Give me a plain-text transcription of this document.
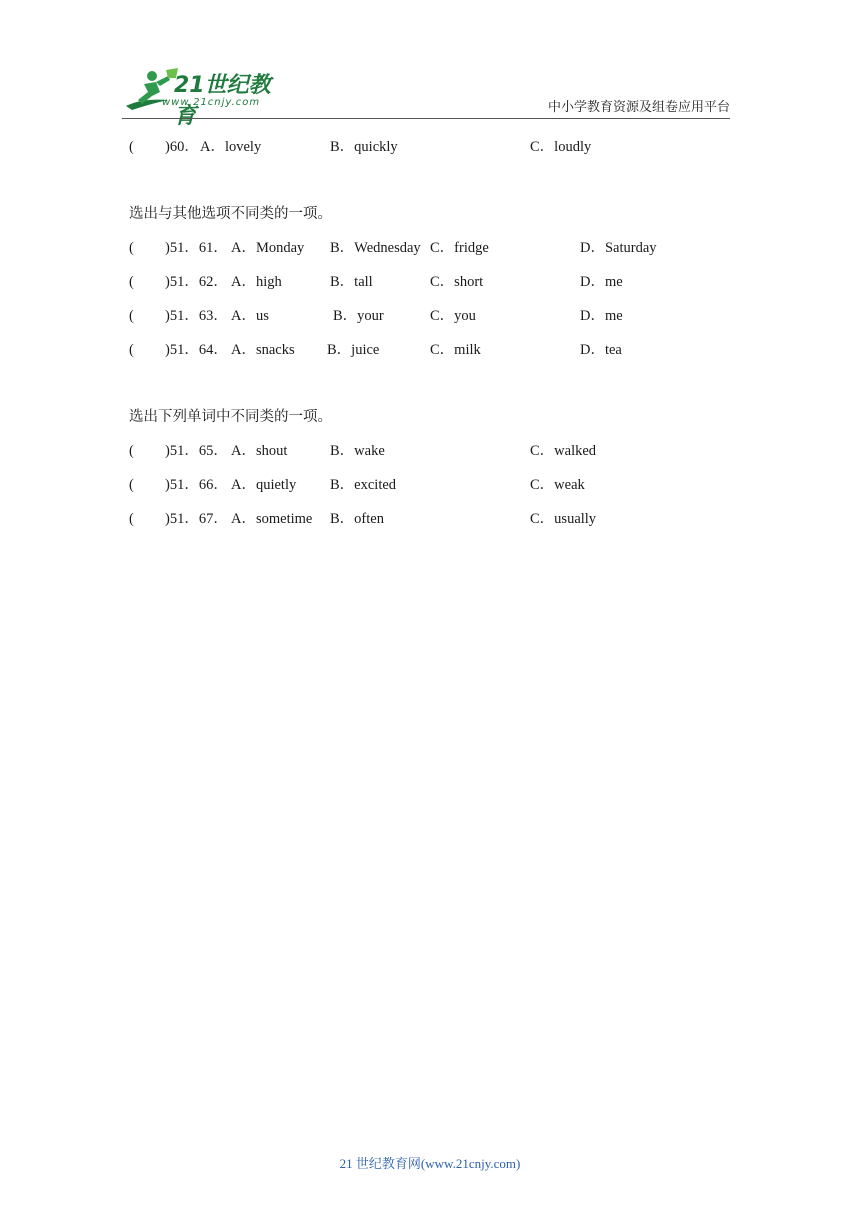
21世纪教育
www.21cnjy.com	中小学教育资源及组卷应用平台
( )60． A．lovely	B．quickly	C．loudly
选出与其他选项不同类的一项。
( )51．61． A．Monday B．Wednesday C．fridge	D．Saturday
( )51．62． A．high	B．tall	C．short	D．me
( )51．63． A．us	B．your	C．you	D．me
( )51．64． A．snacks B．juice	C．milk	D．tea
选出下列单词中不同类的一项。
( )51．65． A．shout	B．wake	C．walked
( )51．66． A．quietly B．excited	C．weak
( )51．67． A．sometime B．often	C．usually
21 世纪教育网(www.21cnjy.com)
